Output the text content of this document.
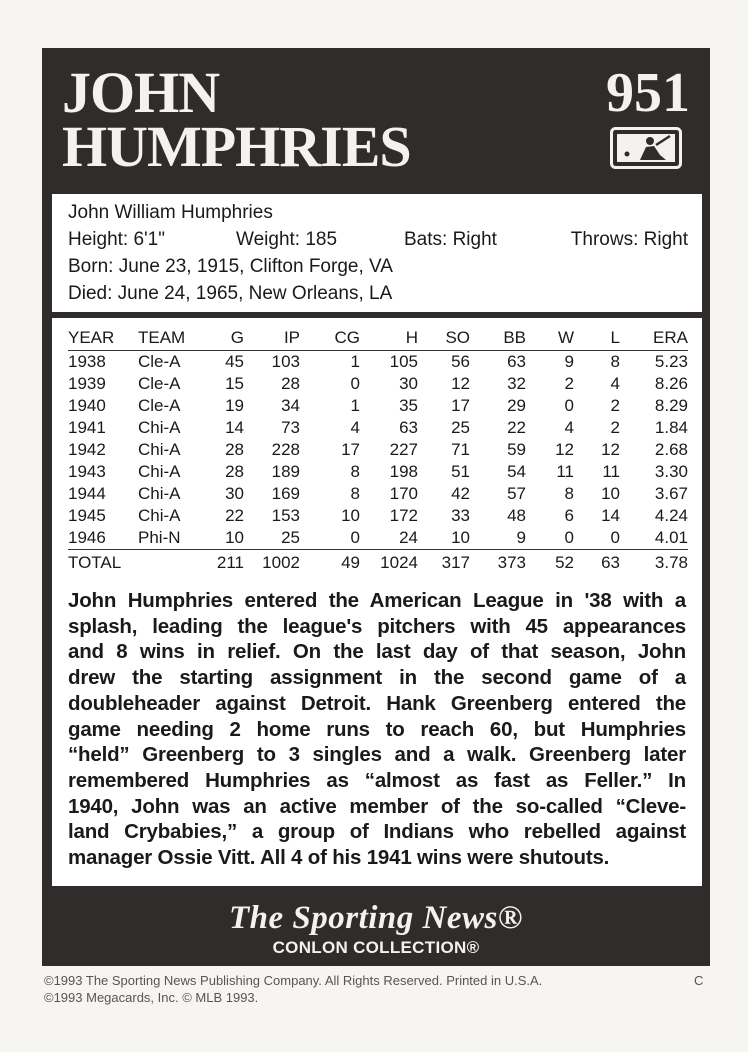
JOHN
HUMPHRIES
951
John William Humphries
Height: 6'1"	Weight: 185	Bats: Right	Throws: Right
Born: June 23, 1915, Clifton Forge, VA
Died: June 24, 1965, New Orleans, LA
YEAR	TEAM	G	IP	CG	H	SO	BB	W	L	ERA
1938	Cle-A	45	103	1	105	56	63	9	8	5.23
1939	Cle-A	15	28	0	30	12	32	2	4	8.26
1940	Cle-A	19	34	1	35	17	29	0	2	8.29
1941	Chi-A	14	73	4	63	25	22	4	2	1.84
1942	Chi-A	28	228	17	227	71	59	12	12	2.68
1943	Chi-A	28	189	8	198	51	54	11	11	3.30
1944	Chi-A	30	169	8	170	42	57	8	10	3.67
1945	Chi-A	22	153	10	172	33	48	6	14	4.24
1946	Phi-N	10	25	0	24	10	9	0	0	4.01
TOTAL		211	1002	49	1024	317	373	52	63	3.78
John Humphries entered the American League in '38 with a
splash, leading the league's pitchers with 45 appearances
and 8 wins in relief. On the last day of that season, John
drew the starting assignment in the second game of a
doubleheader against Detroit. Hank Greenberg entered the
game needing 2 home runs to reach 60, but Humphries
“held” Greenberg to 3 singles and a walk. Greenberg later
remembered Humphries as “almost as fast as Feller.” In
1940, John was an active member of the so-called “Cleve-
land Crybabies,” a group of Indians who rebelled against
manager Ossie Vitt. All 4 of his 1941 wins were shutouts.
The Sporting News®
CONLON COLLECTION®
©1993 The Sporting News Publishing Company. All Rights Reserved. Printed in U.S.A.
©1993 Megacards, Inc. © MLB 1993.
C
